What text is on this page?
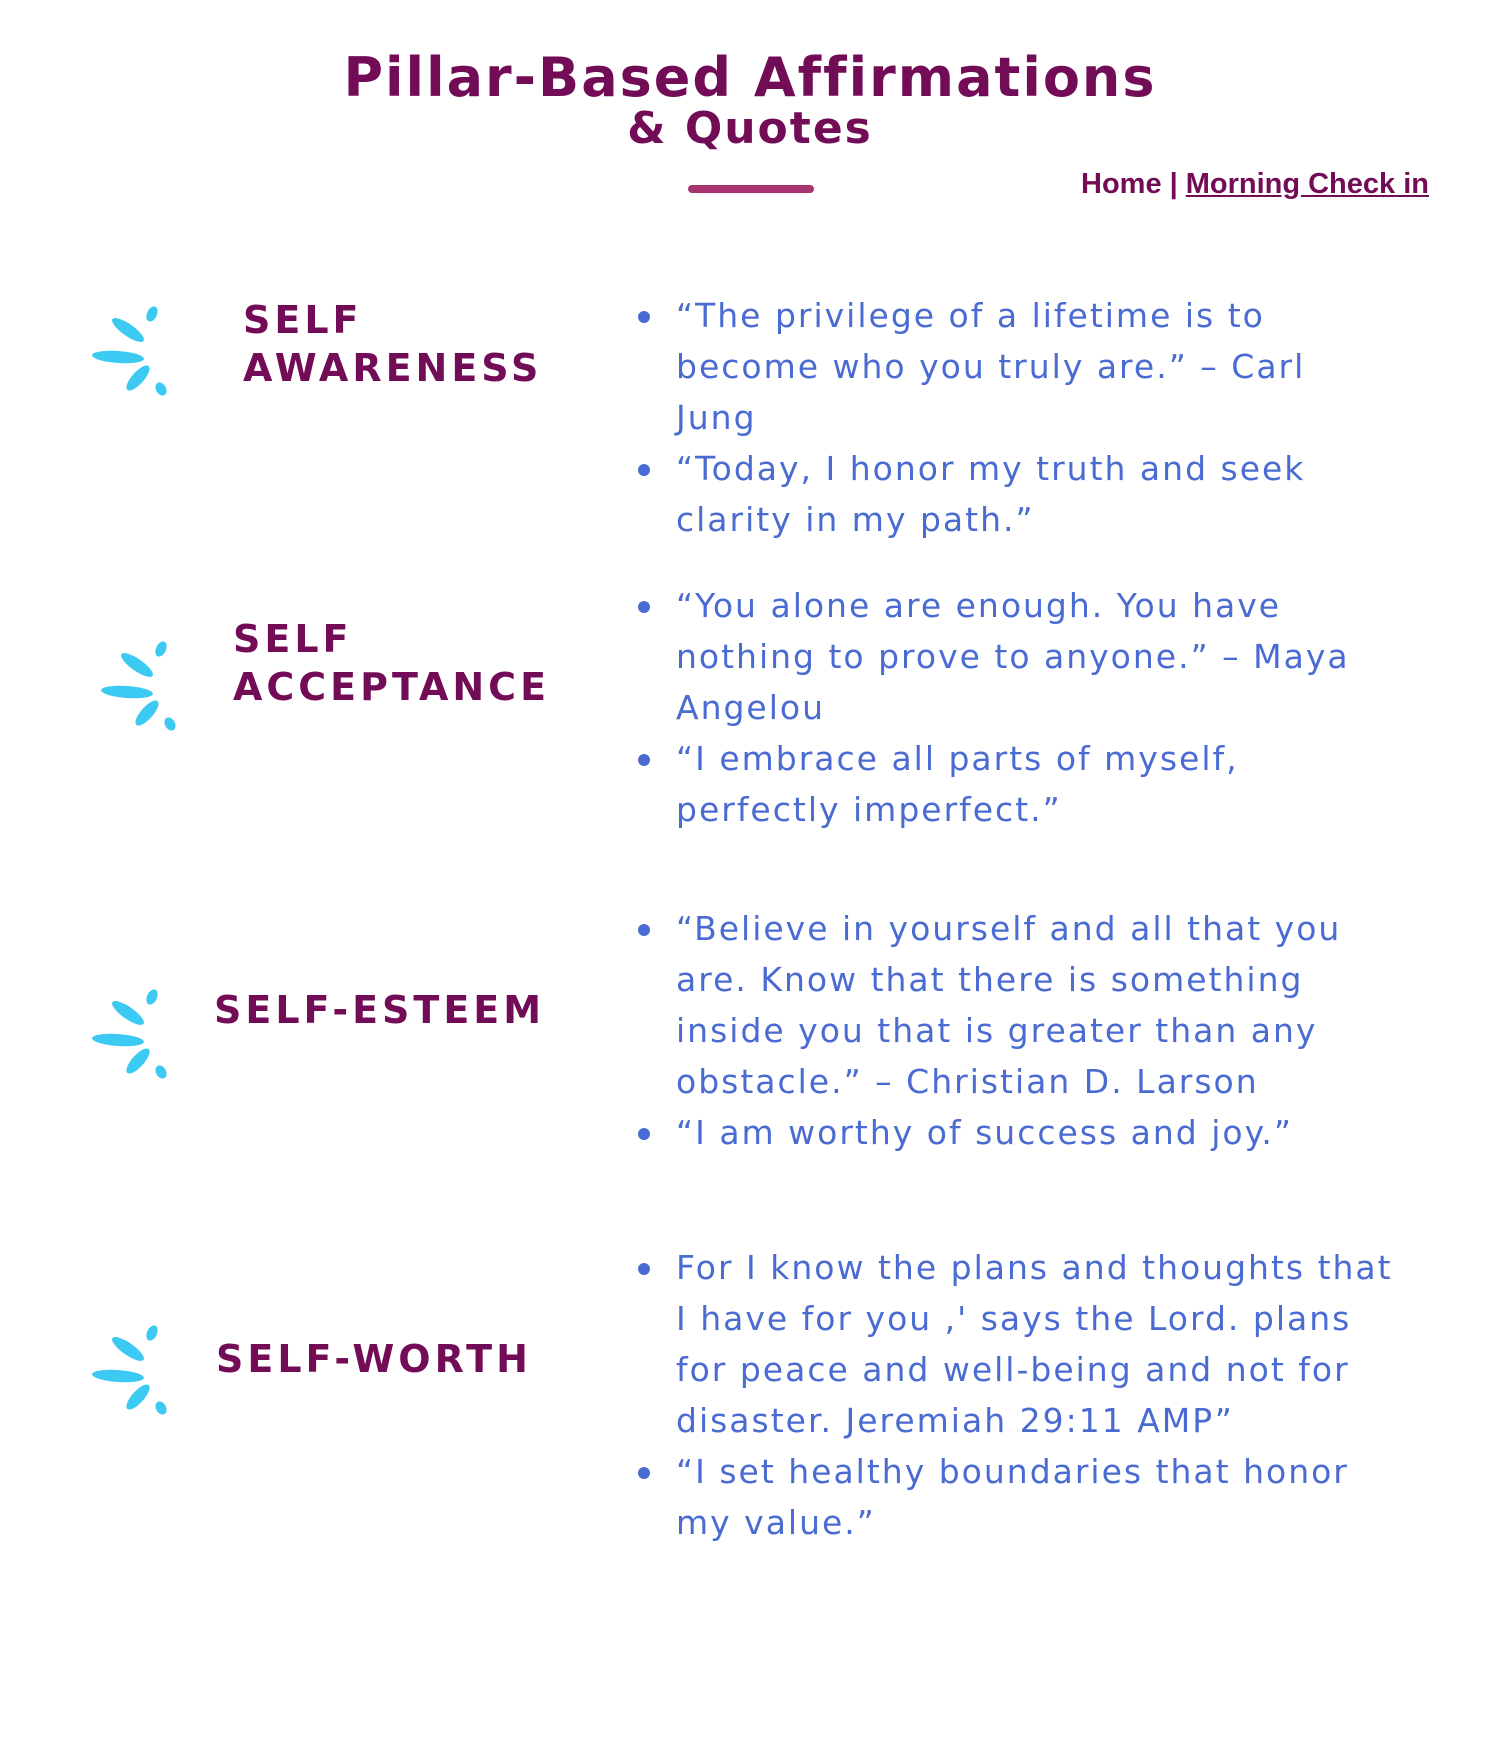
Pillar-Based Affirmations
& Quotes
Home | Morning Check in
SELF
AWARENESS
“The privilege of a lifetime is to become who you truly are.” – Carl Jung
“Today, I honor my truth and seek clarity in my path.”
SELF
ACCEPTANCE
“You alone are enough. You have nothing to prove to anyone.” – Maya Angelou
“I embrace all parts of myself, perfectly imperfect.”
SELF-ESTEEM
“Believe in yourself and all that you are. Know that there is something inside you that is greater than any obstacle.” – Christian D. Larson
“I am worthy of success and joy.”
SELF-WORTH
For I know the plans and thoughts that I have for you ,' says the Lord. plans for peace and well-being and not for disaster. Jeremiah 29:11 AMP”
“I set healthy boundaries that honor my value.”
